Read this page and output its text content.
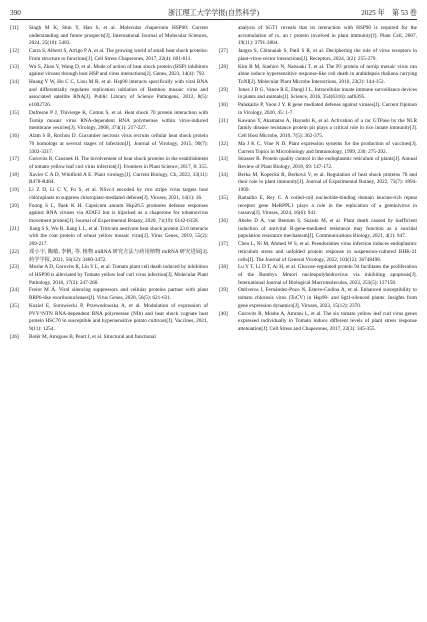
390	浙江理工大学学报(自然科学)	2025 年　第 53 卷
[11] Singh M K, Shin Y, Han S, et al. Molecular chaperonin HSP60: Current understanding and future prospects[J]. International Journal of Molecular Sciences, 2024, 25(10): 5483.
[12] Carra S, Alberti S, Arrigo P A, et al. The growing world of small heat shock proteins: From structure to functions[J]. Cell Stress Chaperones, 2017, 22(4): 601-611.
[13] Wu S, Zhao Y, Wang D, et al. Mode of action of heat shock protein (HSP) inhibitors against viruses through host HSP and virus interactions[J]. Genes, 2023, 14(4): 792.
[14] Huang Y W, Hu C C, Liou M R, et al. Hsp90 interacts specifically with viral RNA and differentially regulates replication initiation of Bamboo mosaic virus and associated satellite RNA[J]. Public Library of Science Pathogens, 2012, 8(5): e1002726.
[15] Dufresne P J, Thivierge K, Cotton S, et al. Heat shock 70 protein interaction with Turnip mosaic virus RNA-dependent RNA polymerase within virus-induced membrane vesicles[J]. Virology, 2008, 374(1): 217-227.
[16] Alam S B, Rochon D. Cucumber necrosis virus recruits cellular heat shock protein 70 homologs at several stages of infection[J]. Journal of Virology, 2015, 90(7): 3302-3317.
[17] Gorovits R, Czosnek H. The involvement of heat shock proteins in the establishment of tomato yellow leaf curl virus infection[J]. Frontiers in Plant Science, 2017, 8: 355.
[18] Xavier C A D, Whitfield A E. Plant virology[J]. Current Biology, Cb, 2023, 33(11): R478-R484.
[19] Li Z D, Li C Y, Fu S, et al. NSvc4 encoded by rice stripe virus targets host chloroplasts to suppress chloroplast-mediated defense[J]. Viruses, 2021, 14(1): 36.
[20] Foong S L, Paek K H. Capsicum annum Hsp26.5 promotes defense responses against RNA viruses via ATAF2 but is hijacked as a chaperone for tobamovirus movement protein[J]. Journal of Experimental Botany, 2020, 71(19): 6142-6158.
[21] Jiang S S, Wu B, Jiang L L, et al. Triticum aestivum heat shock protein 23.6 interacts with the coat protein of wheat yellow mosaic virus[J]. Virus Genes, 2019, 55(2): 209-217.
[22] 邓小宇, 陶敏, 李帆, 等. 植物 miRNA 研究方法与药用植物 miRNA 研究进展[J]. 药学学报, 2021, 56(12): 3460-3472.
[23] Moshe A D, Gorovits R, Liu Y L, et al. Tomato plant cell death induced by inhibition of HSP90 is alleviated by Tomato yellow leaf curl virus infection[J]. Molecular Plant Pathology, 2016, 17(2): 247-260.
[24] Freire M Á. Viral silencing suppressors and cellular proteins partner with plant RRP6-like exoribonucleases[J]. Virus Genes, 2020, 56(5): 621-631.
[25] Koziel E, Surowiecki P, Przewodowska A, et al. Modulation of expression of PVY^NTN RNA-dependent RNA polymerase (NIb) and heat shock cognate host protein HSC70 in susceptible and hypersensitive potato cultivars[J]. Vaccines, 2021, 9(11): 1254.
[26] Botër M, Amigues B, Peart J, et al. Structural and functional
analysis of SGT1 reveals that its interaction with HSP90 is required for the accumulation of rx, an r protein involved in plant immunity[J]. Plant Cell, 2007, 19(11): 3791-3804.
[27] Jangra S, Chinnaiah S, Patil S R, et al. Deciphering the role of virus receptors in plant-virus-vector interactions[J]. Receptors, 2024, 3(2): 255-279.
[28] Kim B M, Suehiro N, Natsuaki T, et al. The P3 protein of turnip mosaic virus can alone induce hypersensitive response-like cell death in arabidopsis thaliana carrying TuNI[J]. Molecular Plant Microbe Interactions, 2010, 23(2): 144-152.
[29] Jones J D G, Vance R E, Dangl J L. Intracellular innate immune surveillance devices in plants and animals[J]. Science, 2016, 354(6316): aaf6395.
[30] Palukaitis P, Yoon J Y. R gene mediated defense against viruses[J]. Current Opinion in Virology, 2020, 45: 1-7.
[31] Kawano Y, Akamatsu A, Hayashi K, et al. Activation of a rac GTPase by the NLR family disease resistance protein pit plays a critical role in rice innate immunity[J]. Cell Host Microbe, 2010, 7(5): 362-375.
[32] Ma J K C, Vine N D. Plant expression systems for the production of vaccines[J]. Current Topics in Microbiology and Immunology, 1999, 236: 275-292.
[33] Strasser R. Protein quality control in the endoplasmic reticulum of plants[J]. Annual Review of Plant Biology, 2018, 69: 147-172.
[34] Berka M, Kopecká R, Berková V, et al. Regulation of heat shock proteins 70 and their role in plant immunity[J]. Journal of Experimental Botany, 2022, 73(7): 1894-1909.
[35] Ramalho E, Rey C. A coiled-coil nucleotide-binding domain leucine-rich repeat receptor gene MeRPPL1 plays a role in the replication of a geminivirus in cassava[J]. Viruses, 2024, 16(6): 941.
[36] Abebe D A, van Bentum S, Suzuki M, et al. Plant death caused by inefficient induction of antiviral R-gene-mediated resistance may function as a suicidal population resistance mechanism[J]. Communications Biology, 2021, 4(1): 947.
[37] Chen L, Ni M, Ahmed W S, et al. Pseudorabies virus infection induces endoplasmic reticulum stress and unfolded protein response in suspension-cultured BHK-21 cells[J]. The Journal of General Virology, 2022, 103(12): 36748498.
[38] Lu Y T, Li D T, Ai H, et al. Glucose-regulated protein 94 facilitates the proliferation of the Bombyx Mmori nucleopolyhedrovirus via inhibiting apoptosis[J]. International Journal of Biological Macromolecules, 2023, 253(5): 127158.
[39] Ontiveros I, Fernández-Pozo N, Esteve-Codina A, et al. Enhanced susceptibility to tomato chlorosis virus (ToCV) in Hsp90- and Sgt1-silenced plants: Insights from gene expression dynamics[J]. Viruses, 2023, 15(12): 2370.
[40] Gorovits R, Moshe A, Amrani L, et al. The six tomato yellow leaf curl virus genes expressed individually in Tomato induce different levels of plant stress response attenuation[J]. Cell Stress and Chaperones, 2017, 22(3): 345-355.
